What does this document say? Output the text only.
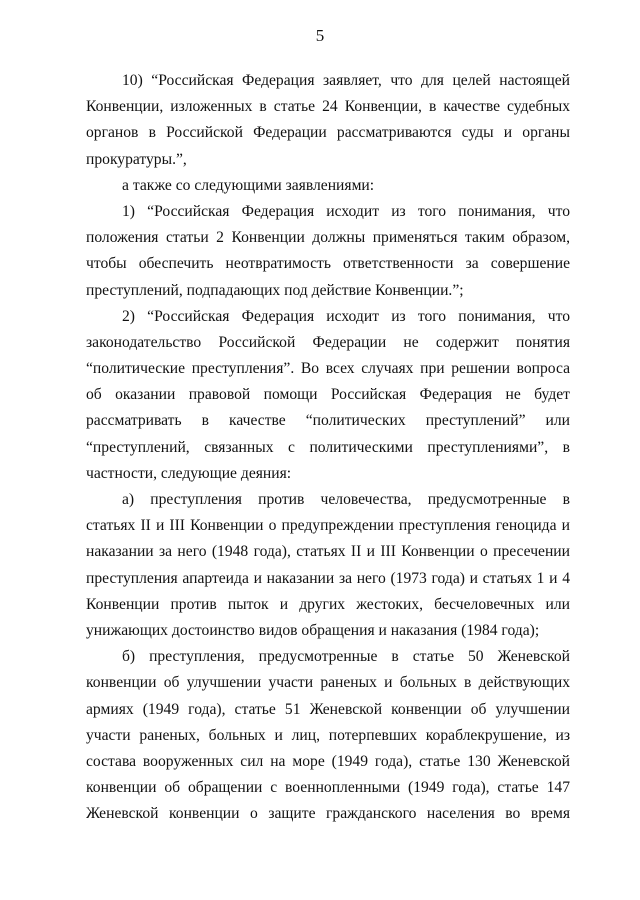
5
10) “Российская Федерация заявляет, что для целей настоящей
Конвенции, изложенных в статье 24 Конвенции, в качестве судебных
органов в Российской Федерации рассматриваются суды и органы
прокуратуры.”,
а также со следующими заявлениями:
1) “Российская Федерация исходит из того понимания, что
положения статьи 2 Конвенции должны применяться таким образом,
чтобы обеспечить неотвратимость ответственности за совершение
преступлений, подпадающих под действие Конвенции.”;
2) “Российская Федерация исходит из того понимания, что
законодательство Российской Федерации не содержит понятия
“политические преступления”. Во всех случаях при решении вопроса
об оказании правовой помощи Российская Федерация не будет
рассматривать в качестве “политических преступлений” или
“преступлений, связанных с политическими преступлениями”, в
частности, следующие деяния:
а) преступления против человечества, предусмотренные в
статьях II и III Конвенции о предупреждении преступления геноцида и
наказании за него (1948 года), статьях II и III Конвенции о пресечении
преступления апартеида и наказании за него (1973 года) и статьях 1 и 4
Конвенции против пыток и других жестоких, бесчеловечных или
унижающих достоинство видов обращения и наказания (1984 года);
б) преступления, предусмотренные в статье 50 Женевской
конвенции об улучшении участи раненых и больных в действующих
армиях (1949 года), статье 51 Женевской конвенции об улучшении
участи раненых, больных и лиц, потерпевших кораблекрушение, из
состава вооруженных сил на море (1949 года), статье 130 Женевской
конвенции об обращении с военнопленными (1949 года), статье 147
Женевской конвенции о защите гражданского населения во время
